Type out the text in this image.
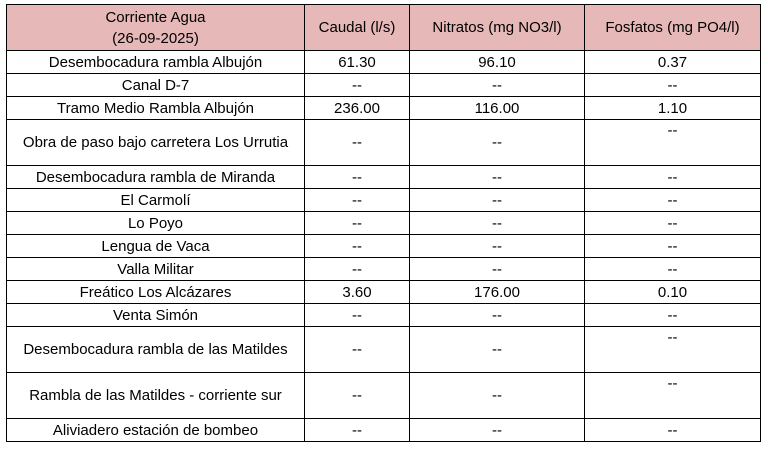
Corriente Agua
(26-09-2025)	Caudal (l/s)	Nitratos (mg NO3/l)	Fosfatos (mg PO4/l)
Desembocadura rambla Albujón	61.30	96.10	0.37
Canal D-7	--	--	--
Tramo Medio Rambla Albujón	236.00	116.00	1.10
Obra de paso bajo carretera Los Urrutia	--	--	--
Desembocadura rambla de Miranda	--	--	--
El Carmolí	--	--	--
Lo Poyo	--	--	--
Lengua de Vaca	--	--	--
Valla Militar	--	--	--
Freático Los Alcázares	3.60	176.00	0.10
Venta Simón	--	--	--
Desembocadura rambla de las Matildes	--	--	--
Rambla de las Matildes - corriente sur	--	--	--
Aliviadero estación de bombeo	--	--	--
